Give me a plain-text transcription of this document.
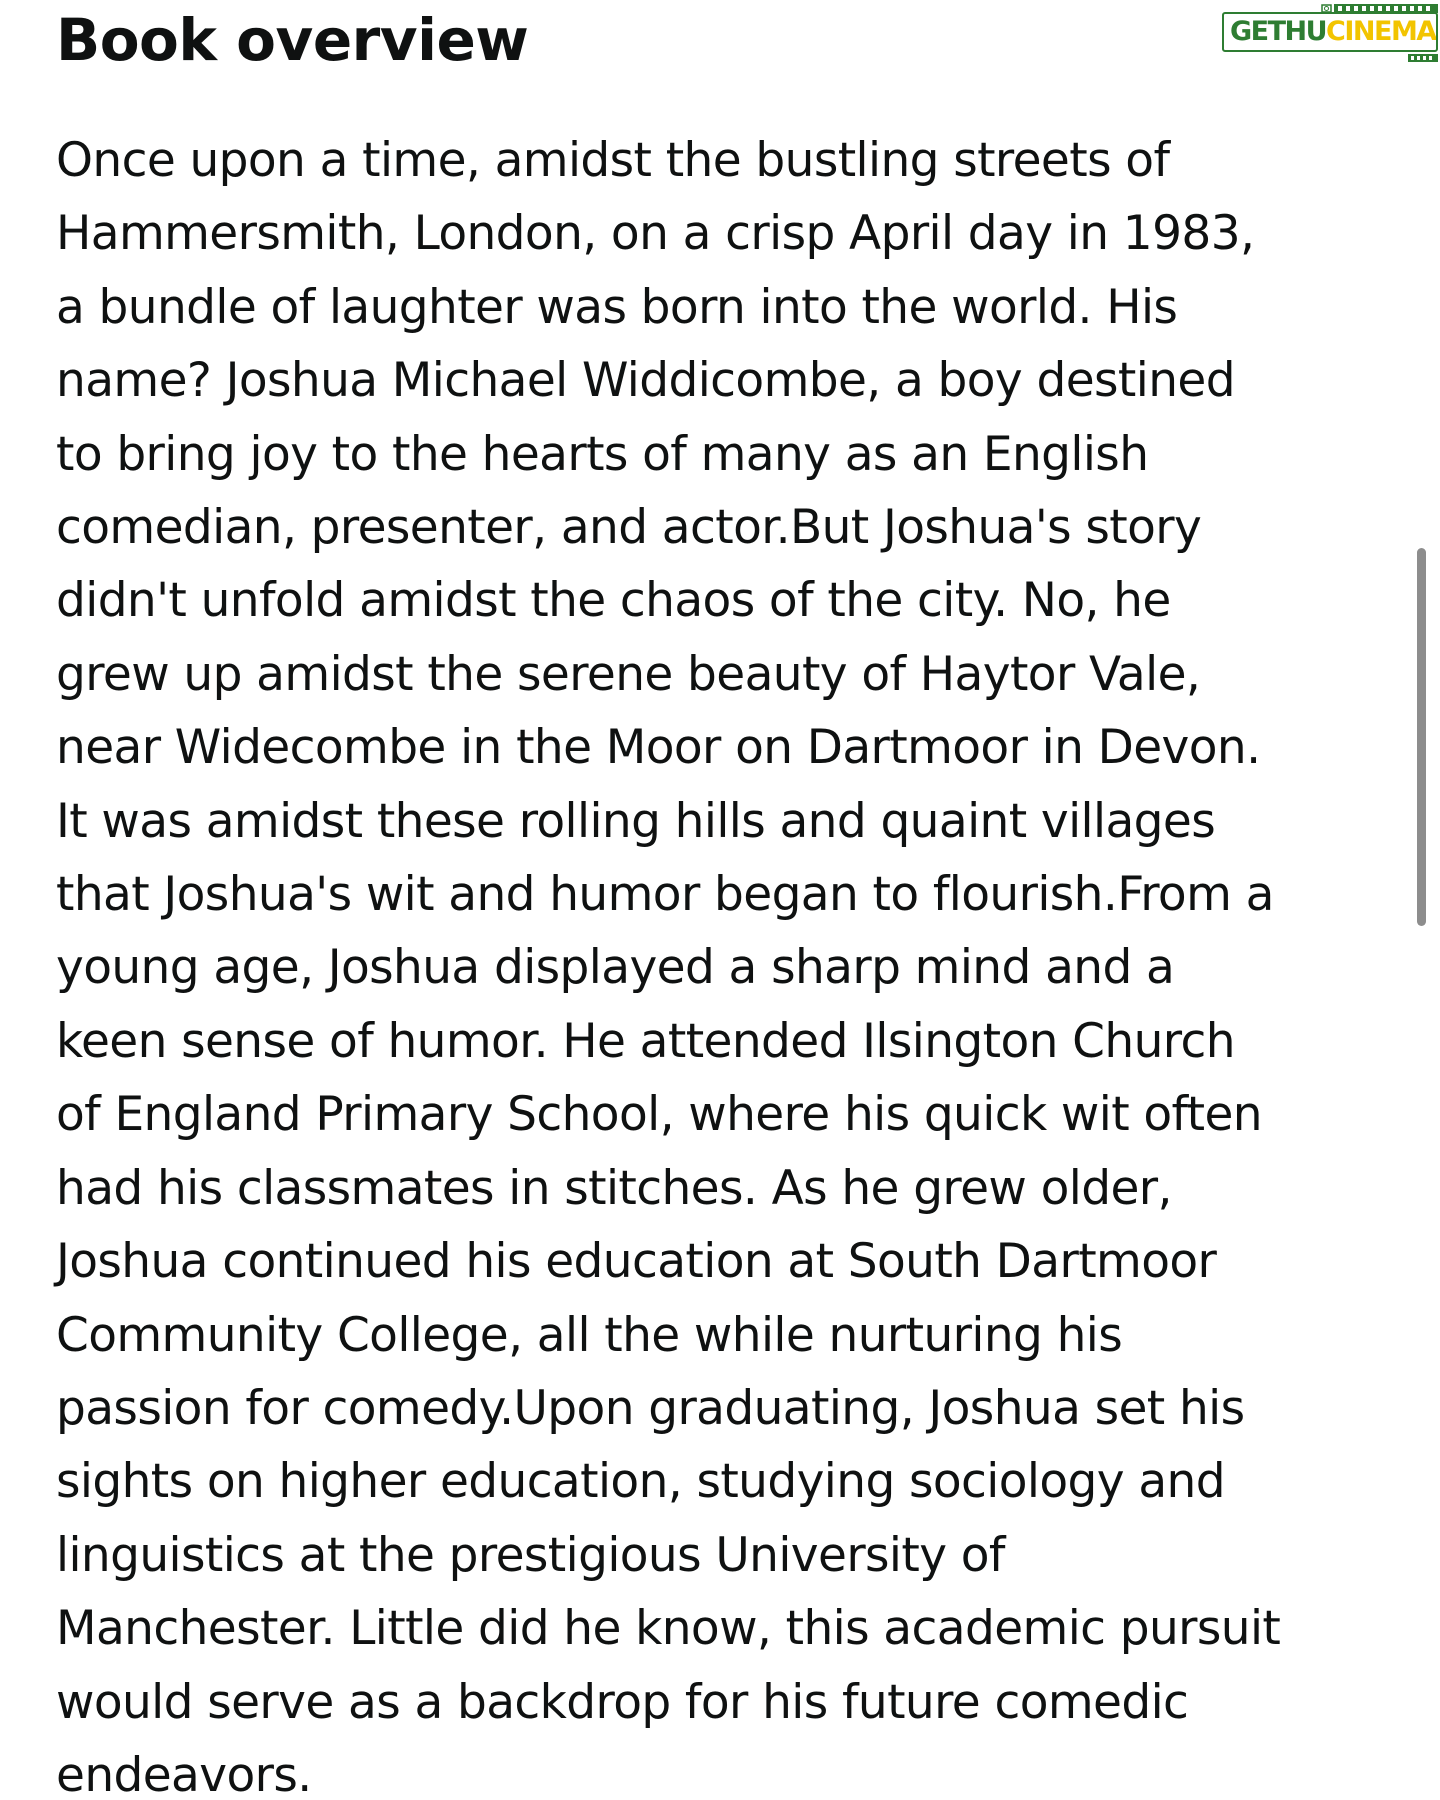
Book overview
Once upon a time, amidst the bustling streets of
Hammersmith, London, on a crisp April day in 1983,
a bundle of laughter was born into the world. His
name? Joshua Michael Widdicombe, a boy destined
to bring joy to the hearts of many as an English
comedian, presenter, and actor.But Joshua's story
didn't unfold amidst the chaos of the city. No, he
grew up amidst the serene beauty of Haytor Vale,
near Widecombe in the Moor on Dartmoor in Devon.
It was amidst these rolling hills and quaint villages
that Joshua's wit and humor began to flourish.From a
young age, Joshua displayed a sharp mind and a
keen sense of humor. He attended Ilsington Church
of England Primary School, where his quick wit often
had his classmates in stitches. As he grew older,
Joshua continued his education at South Dartmoor
Community College, all the while nurturing his
passion for comedy.Upon graduating, Joshua set his
sights on higher education, studying sociology and
linguistics at the prestigious University of
Manchester. Little did he know, this academic pursuit
would serve as a backdrop for his future comedic
endeavors.
GETHU CINEMA
